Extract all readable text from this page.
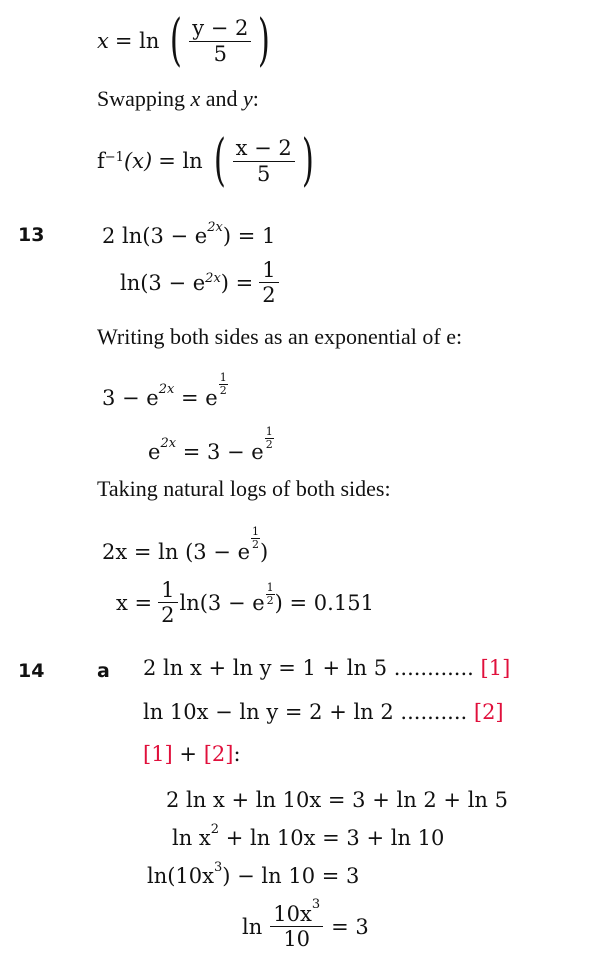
x = ln ( $\frac{y - 2}{5}$ )
Swapping x and y:
$f^{-1}$ (x) = ln ( $\frac{x - 2}{5}$ )
13	2 $\ln(3 - e^{2x}) = 1$
$\ln(3 - e^{2x}$ ) = $\frac{1}{2}$
Writing both sides as an exponential of e:
$3 - e^{2x} = e$
$\frac{1}{2}$
$e^{2x} = 3 - e$
$\frac{1}{2}$
Taking natural logs of both sides:
2x = ln (3 − e
$\frac{1}{2}$
)
$x = \frac{1}{2} \ln(3 - e$
1
2 ) = 0.151
14	a 2 ln x + ln y = 1 + ln 5 ............ [1]
ln 10x − ln y = 2 + ln 2 .......... [2]
[1] + [2]:
2 ln x + ln 10x = 3 + ln 2 + ln 5
$\ln x^2 + \ln 10x = 3 + \ln 10$
$\ln(10x^3) - \ln 10 = 3$
$\ln \frac{10x^3}{10} = 3$
